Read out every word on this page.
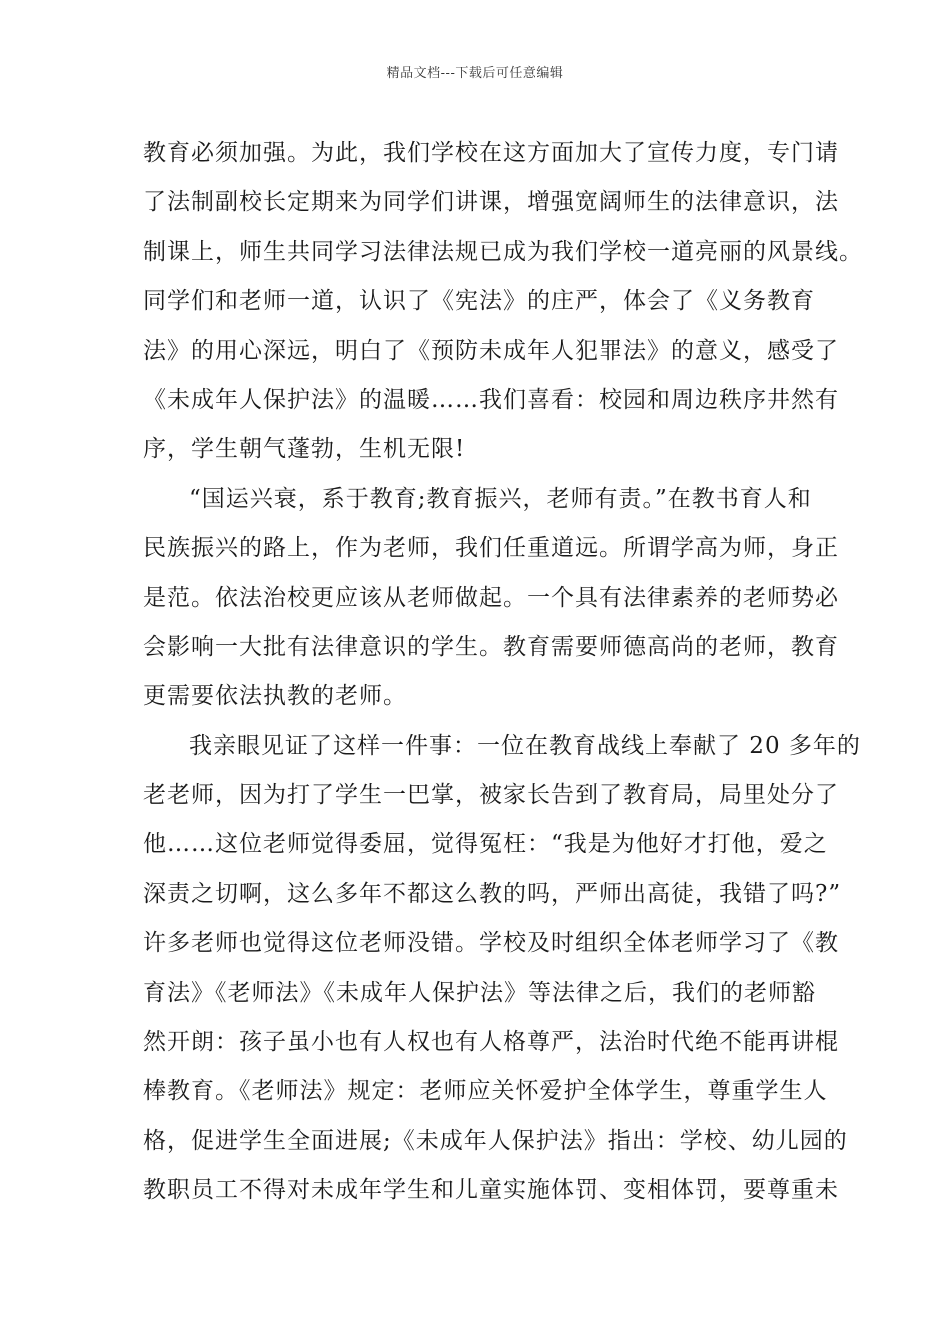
精品文档---下载后可任意编辑
教育必须加强。为此，我们学校在这方面加大了宣传力度，专门请
了法制副校长定期来为同学们讲课，增强宽阔师生的法律意识，法
制课上，师生共同学习法律法规已成为我们学校一道亮丽的风景线。
同学们和老师一道，认识了《宪法》的庄严，体会了《义务教育
法》的用心深远，明白了《预防未成年人犯罪法》的意义，感受了
《未成年人保护法》的温暖……我们喜看：校园和周边秩序井然有
序，学生朝气蓬勃，生机无限!
“国运兴衰，系于教育;教育振兴，老师有责。”在教书育人和
民族振兴的路上，作为老师，我们任重道远。所谓学高为师，身正
是范。依法治校更应该从老师做起。一个具有法律素养的老师势必
会影响一大批有法律意识的学生。教育需要师德高尚的老师，教育
更需要依法执教的老师。
我亲眼见证了这样一件事：一位在教育战线上奉献了 20 多年的
老老师，因为打了学生一巴掌，被家长告到了教育局，局里处分了
他……这位老师觉得委屈，觉得冤枉：“我是为他好才打他，爱之
深责之切啊，这么多年不都这么教的吗，严师出高徒，我错了吗?”
许多老师也觉得这位老师没错。学校及时组织全体老师学习了《教
育法》《老师法》《未成年人保护法》等法律之后，我们的老师豁
然开朗：孩子虽小也有人权也有人格尊严，法治时代绝不能再讲棍
棒教育。《老师法》规定：老师应关怀爱护全体学生，尊重学生人
格，促进学生全面进展;《未成年人保护法》指出：学校、幼儿园的
教职员工不得对未成年学生和儿童实施体罚、变相体罚，要尊重未
